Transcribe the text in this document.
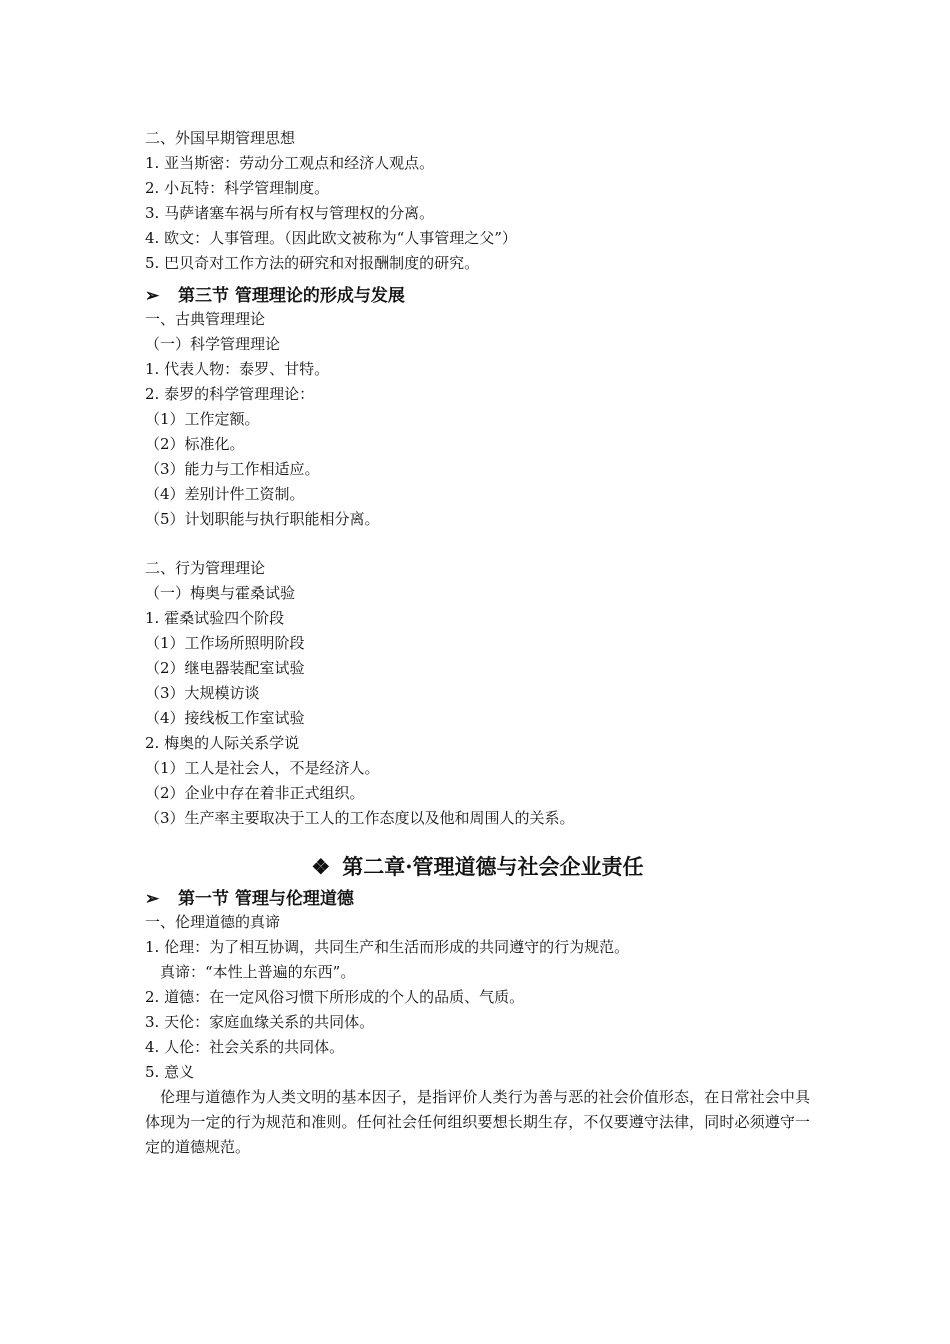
二、外国早期管理思想
1. 亚当斯密：劳动分工观点和经济人观点。
2. 小瓦特：科学管理制度。
3. 马萨诸塞车祸与所有权与管理权的分离。
4. 欧文：人事管理。（因此欧文被称为“人事管理之父”）
5. 巴贝奇对工作方法的研究和对报酬制度的研究。
➢ 第三节 管理理论的形成与发展
一、古典管理理论
（一）科学管理理论
1. 代表人物：泰罗、甘特。
2. 泰罗的科学管理理论：
（1）工作定额。
（2）标准化。
（3）能力与工作相适应。
（4）差别计件工资制。
（5）计划职能与执行职能相分离。
二、行为管理理论
（一）梅奥与霍桑试验
1. 霍桑试验四个阶段
（1）工作场所照明阶段
（2）继电器装配室试验
（3）大规模访谈
（4）接线板工作室试验
2. 梅奥的人际关系学说
（1）工人是社会人，不是经济人。
（2）企业中存在着非正式组织。
（3）生产率主要取决于工人的工作态度以及他和周围人的关系。
❖ 第二章·管理道德与社会企业责任
➢ 第一节 管理与伦理道德
一、伦理道德的真谛
1. 伦理：为了相互协调，共同生产和生活而形成的共同遵守的行为规范。
真谛：“本性上普遍的东西”。
2. 道德：在一定风俗习惯下所形成的个人的品质、气质。
3. 天伦：家庭血缘关系的共同体。
4. 人伦：社会关系的共同体。
5. 意义
伦理与道德作为人类文明的基本因子，是指评价人类行为善与恶的社会价值形态，在日常社会中具体现为一定的行为规范和准则。任何社会任何组织要想长期生存，不仅要遵守法律，同时必须遵守一定的道德规范。
